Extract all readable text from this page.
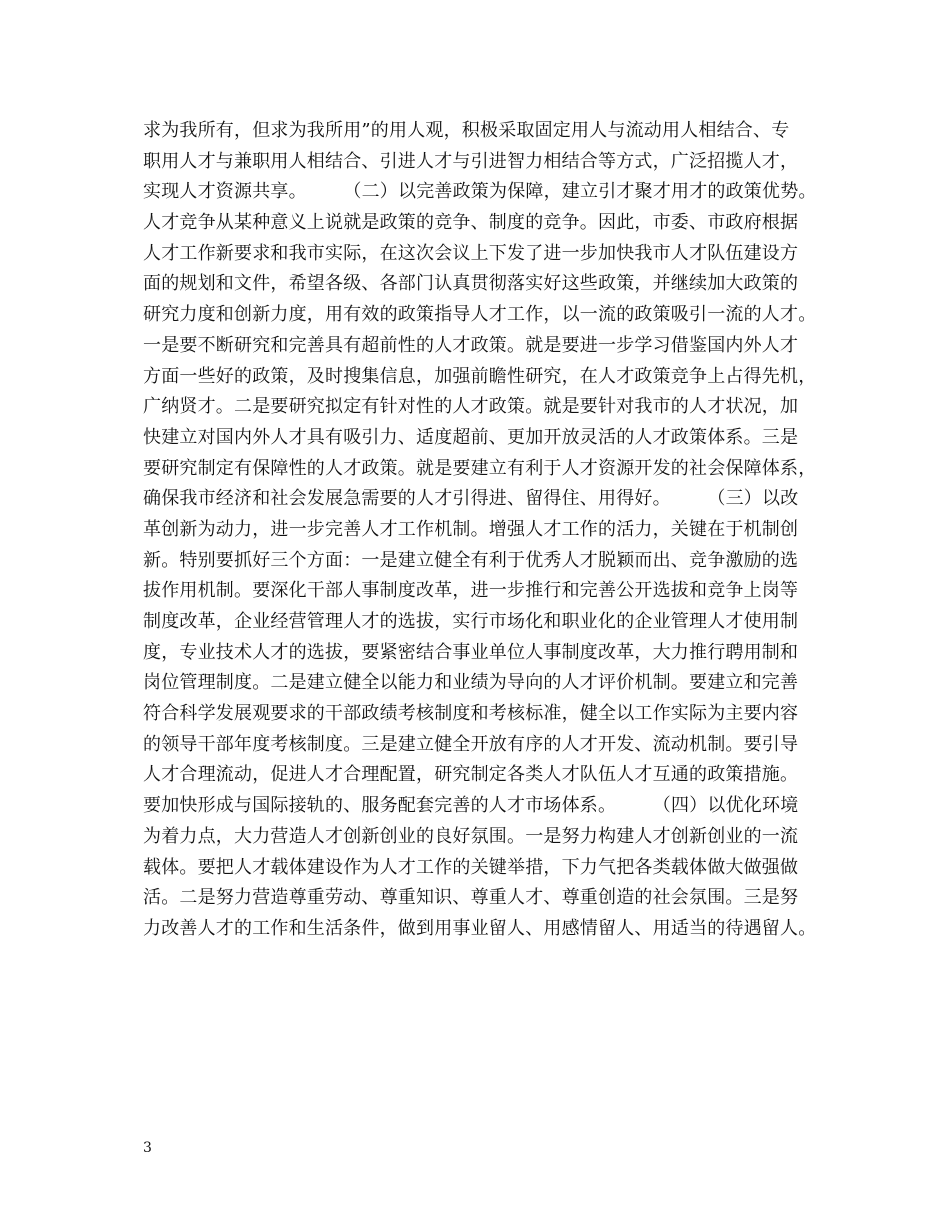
求为我所有，但求为我所用”的用人观，积极采取固定用人与流动用人相结合、专
职用人才与兼职用人相结合、引进人才与引进智力相结合等方式，广泛招揽人才，
实现人才资源共享。　　　（二）以完善政策为保障，建立引才聚才用才的政策优势。
人才竞争从某种意义上说就是政策的竞争、制度的竞争。因此，市委、市政府根据
人才工作新要求和我市实际，在这次会议上下发了进一步加快我市人才队伍建设方
面的规划和文件，希望各级、各部门认真贯彻落实好这些政策，并继续加大政策的
研究力度和创新力度，用有效的政策指导人才工作，以一流的政策吸引一流的人才。
一是要不断研究和完善具有超前性的人才政策。就是要进一步学习借鉴国内外人才
方面一些好的政策，及时搜集信息，加强前瞻性研究，在人才政策竞争上占得先机，
广纳贤才。二是要研究拟定有针对性的人才政策。就是要针对我市的人才状况，加
快建立对国内外人才具有吸引力、适度超前、更加开放灵活的人才政策体系。三是
要研究制定有保障性的人才政策。就是要建立有利于人才资源开发的社会保障体系，
确保我市经济和社会发展急需要的人才引得进、留得住、用得好。　　　（三）以改
革创新为动力，进一步完善人才工作机制。增强人才工作的活力，关键在于机制创
新。特别要抓好三个方面：一是建立健全有利于优秀人才脱颖而出、竞争激励的选
拔作用机制。要深化干部人事制度改革，进一步推行和完善公开选拔和竞争上岗等
制度改革，企业经营管理人才的选拔，实行市场化和职业化的企业管理人才使用制
度，专业技术人才的选拔，要紧密结合事业单位人事制度改革，大力推行聘用制和
岗位管理制度。二是建立健全以能力和业绩为导向的人才评价机制。要建立和完善
符合科学发展观要求的干部政绩考核制度和考核标准，健全以工作实际为主要内容
的领导干部年度考核制度。三是建立健全开放有序的人才开发、流动机制。要引导
人才合理流动，促进人才合理配置，研究制定各类人才队伍人才互通的政策措施。
要加快形成与国际接轨的、服务配套完善的人才市场体系。　　　（四）以优化环境
为着力点，大力营造人才创新创业的良好氛围。一是努力构建人才创新创业的一流
载体。要把人才载体建设作为人才工作的关键举措，下力气把各类载体做大做强做
活。二是努力营造尊重劳动、尊重知识、尊重人才、尊重创造的社会氛围。三是努
力改善人才的工作和生活条件，做到用事业留人、用感情留人、用适当的待遇留人。
3
